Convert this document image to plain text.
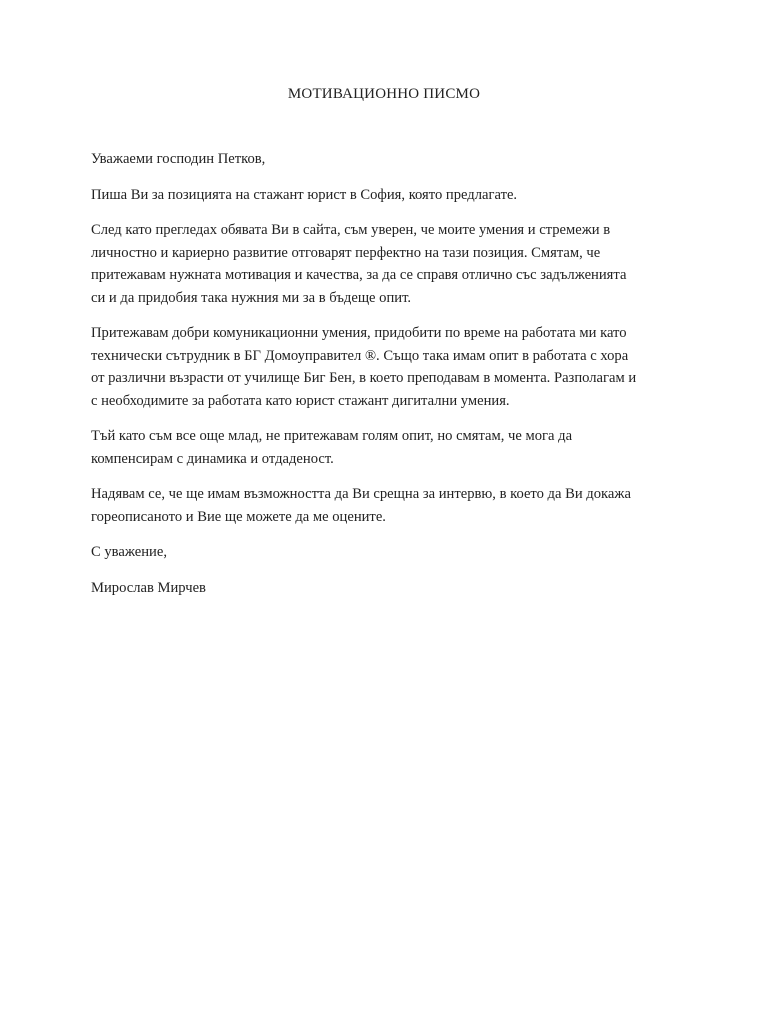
МОТИВАЦИОННО ПИСМО

Уважаеми господин Петков,

Пиша Ви за позицията на стажант юрист в София, която предлагате.

След като прегледах обявата Ви в сайта, съм уверен, че моите умения и стремежи в
личностно и кариерно развитие отговарят перфектно на тази позиция. Смятам, че
притежавам нужната мотивация и качества, за да се справя отлично със задълженията
си и да придобия така нужния ми за в бъдеще опит.

Притежавам добри комуникационни умения, придобити по време на работата ми като
технически сътрудник в БГ Домоуправител ®. Също така имам опит в работата с хора
от различни възрасти от училище Биг Бен, в което преподавам в момента. Разполагам и
с необходимите за работата като юрист стажант дигитални умения.

Тъй като съм все още млад, не притежавам голям опит, но смятам, че мога да
компенсирам с динамика и отдаденост.

Надявам се, че ще имам възможността да Ви срещна за интервю, в което да Ви докажа
гореописаното и Вие ще можете да ме оцените.

С уважение,

Мирослав Мирчев
